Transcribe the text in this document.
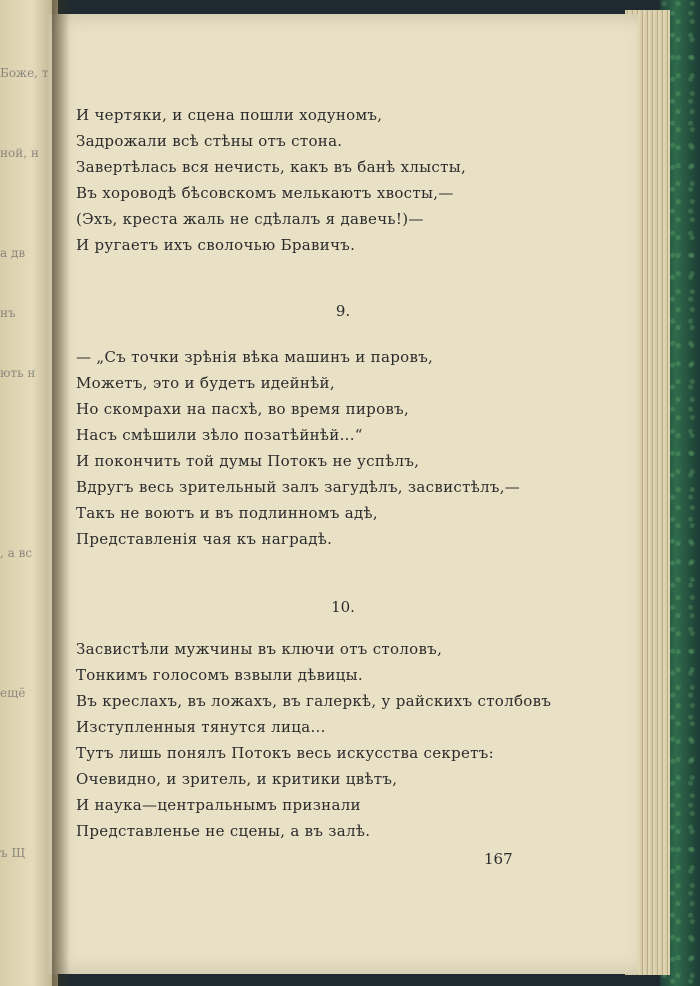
Боже, т
ной, н
а дв
нъ
ють н
, а вс
ещё
ъ Щ
И чертяки, и сцена пошли ходуномъ,
Задрожали всѣ стѣны отъ стона.
Завертѣлась вся нечисть, какъ въ банѣ хлысты,
Въ хороводѣ бѣсовскомъ мелькаютъ хвосты,—
(Эхъ, креста жаль не сдѣлалъ я давечь!)—
И ругаетъ ихъ сволочью Бравичъ.
9.
— „Съ точки зрѣнія вѣка машинъ и паровъ,
Можетъ, это и будетъ идейнѣй,
Но скомрахи на пасхѣ, во время пировъ,
Насъ смѣшили зѣло позатѣйнѣй...“
И покончить той думы Потокъ не успѣлъ,
Вдругъ весь зрительный залъ загудѣлъ, засвистѣлъ,—
Такъ не воютъ и въ подлинномъ адѣ,
Представленія чая къ наградѣ.
10.
Засвистѣли мужчины въ ключи отъ столовъ,
Тонкимъ голосомъ взвыли дѣвицы.
Въ креслахъ, въ ложахъ, въ галеркѣ, у райскихъ столбовъ
Изступленныя тянутся лица...
Тутъ лишь понялъ Потокъ весь искусства секретъ:
Очевидно, и зритель, и критики цвѣтъ,
И наука—центральнымъ признали
Представленье не сцены, а въ залѣ.
167
